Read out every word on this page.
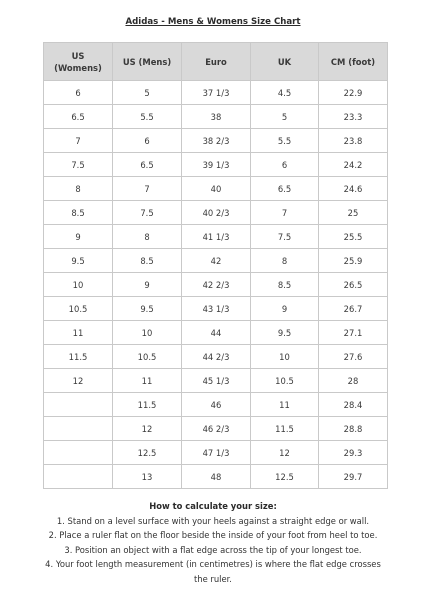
Adidas - Mens & Womens Size Chart
US
(Womens)	US (Mens)	Euro	UK	CM (foot)
6	5	37 1/3	4.5	22.9
6.5	5.5	38	5	23.3
7	6	38 2/3	5.5	23.8
7.5	6.5	39 1/3	6	24.2
8	7	40	6.5	24.6
8.5	7.5	40 2/3	7	25
9	8	41 1/3	7.5	25.5
9.5	8.5	42	8	25.9
10	9	42 2/3	8.5	26.5
10.5	9.5	43 1/3	9	26.7
11	10	44	9.5	27.1
11.5	10.5	44 2/3	10	27.6
12	11	45 1/3	10.5	28
	11.5	46	11	28.4
	12	46 2/3	11.5	28.8
	12.5	47 1/3	12	29.3
	13	48	12.5	29.7
How to calculate your size:
1. Stand on a level surface with your heels against a straight edge or wall.
2. Place a ruler flat on the floor beside the inside of your foot from heel to toe.
3. Position an object with a flat edge across the tip of your longest toe.
4. Your foot length measurement (in centimetres) is where the flat edge crosses the ruler.
